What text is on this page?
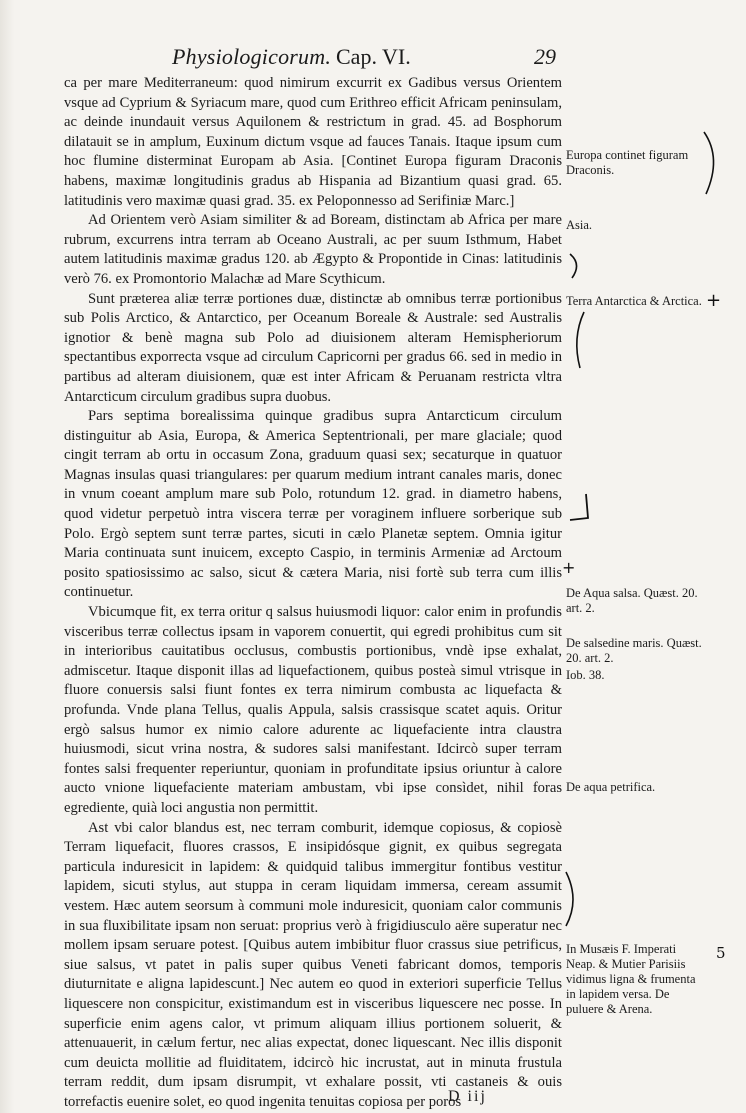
Physiologicorum. Cap. VI.	29

ca per mare Mediterraneum: quod nimirum excurrit ex Gadibus versus Orientem vsque ad Cyprium & Syriacum mare, quod cum Erithreo efficit Africam peninsulam, ac deinde inundauit versus Aquilonem & restrictum in grad. 45. ad Bosphorum dilatauit se in amplum, Euxinum dictum vsque ad fauces Tanais. Itaque ipsum cum hoc flumine disterminat Europam ab Asia. [Continet Europa figuram Draconis habens, maximæ longitudinis gradus ab Hispania ad Bizantium quasi grad. 65. latitudinis vero maximæ quasi grad. 35. ex Peloponnesso ad Serifiniæ Marc.]

Ad Orientem verò Asiam similiter & ad Boream, distinctam ab Africa per mare rubrum, excurrens intra terram ab Oceano Australi, ac per suum Isthmum, Habet autem latitudinis maximæ gradus 120. ab Ægypto & Propontide in Cinas: latitudinis verò 76. ex Promontorio Malachæ ad Mare Scythicum.

Sunt præterea aliæ terræ portiones duæ, distinctæ ab omnibus terræ portionibus sub Polis Arctico, & Antarctico, per Oceanum Boreale & Australe: sed Australis ignotior & benè magna sub Polo ad diuisionem alteram Hemispheriorum spectantibus exporrecta vsque ad circulum Capricorni per gradus 66. sed in medio in partibus ad alteram diuisionem, quæ est inter Africam & Peruanam restricta vltra Antarcticum circulum gradibus supra duobus.

Pars septima borealissima quinque gradibus supra Antarcticum circulum distinguitur ab Asia, Europa, & America Septentrionali, per mare glaciale; quod cingit terram ab ortu in occasum Zona, graduum quasi sex; secaturque in quatuor Magnas insulas quasi triangulares: per quarum medium intrant canales maris, donec in vnum coeant amplum mare sub Polo, rotundum 12. grad. in diametro habens, quod videtur perpetuò intra viscera terræ per voraginem influere sorberique sub Polo. Ergò septem sunt terræ partes, sicuti in cælo Planetæ septem. Omnia igitur Maria continuata sunt inuicem, excepto Caspio, in terminis Armeniæ ad Arctoum posito spatiosissimo ac salso, sicut & cætera Maria, nisi fortè sub terra cum illis continuetur.

Vbicumque fit, ex terra oritur q salsus huiusmodi liquor: calor enim in profundis visceribus terræ collectus ipsam in vaporem conuertit, qui egredi prohibitus cum sit in interioribus cauitatibus occlusus, combustis portionibus, vndè ipse exhalat, admiscetur. Itaque disponit illas ad liquefactionem, quibus posteà simul vtrisque in fluore conuersis salsi fiunt fontes ex terra nimirum combusta ac liquefacta & profunda. Vnde plana Tellus, qualis Appula, salsis crassisque scatet aquis. Oritur ergò salsus humor ex nimio calore adurente ac liquefaciente intra claustra huiusmodi, sicut vrina nostra, & sudores salsi manifestant. Idcircò super terram fontes salsi frequenter reperiuntur, quoniam in profunditate ipsius oriuntur à calore aucto vnione liquefaciente materiam ambustam, vbi ipse consìdet, nihil foras egrediente, quià loci angustia non permittit.

Ast vbi calor blandus est, nec terram comburit, idemque copiosus, & copiosè Terram liquefacit, fluores crassos, E insipidósque gignit, ex quibus segregata particula induresicit in lapidem: & quidquid talibus immergitur fontibus vestitur lapidem, sicuti stylus, aut stuppa in ceram liquidam immersa, ceream assumit vestem. Hæc autem seorsum à communi mole induresicit, quoniam calor communis in sua fluxibilitate ipsam non seruat: proprius verò à frigidiusculo aëre superatur nec mollem ipsam seruare potest. [Quibus autem imbibitur fluor crassus siue petrificus, siue salsus, vt patet in palis super quibus Veneti fabricant domos, temporis diuturnitate e aligna lapidescunt.] Nec autem eo quod in exteriori superficie Tellus liquescere non conspicitur, existimandum est in visceribus liquescere nec posse. In superficie enim agens calor, vt primum aliquam illius portionem soluerit, & attenuauerit, in cælum fertur, nec alias expectat, donec liquescant. Nec illis disponit cum deuicta mollitie ad fluiditatem, idcircò hic incrustat, aut in minuta frustula terram reddit, dum ipsam disrumpit, vt exhalare possit, vti castaneis & ouis torrefactis euenire solet, eo quod ingenita tenuitas copiosa per poros

Europa continet figuram Draconis.
Asia.
Terra Antarctica & Arctica.
De Aqua salsa. Quæst. 20. art. 2.
De salsedine maris. Quæst. 20. art. 2.
Iob. 38.
De aqua petrifica.
In Musæis F. Imperati Neap. & Mutier Parisiis vidimus ligna & frumenta in lapidem versa. De puluere & Arena.
+
+
5
D iij
